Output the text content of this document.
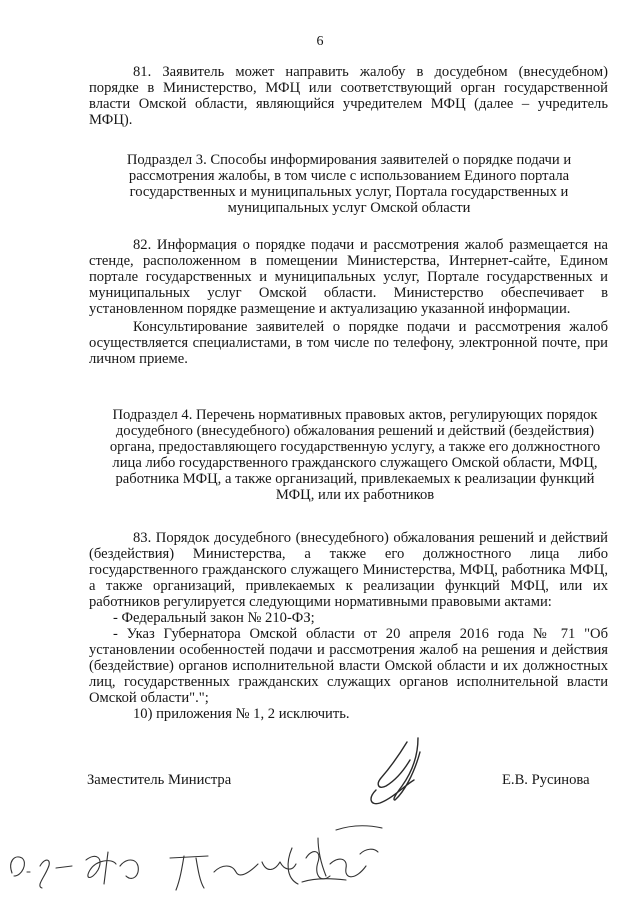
6

81. Заявитель может направить жалобу в досудебном (внесудебном) порядке в Министерство, МФЦ или соответствующий орган государственной власти Омской области, являющийся учредителем МФЦ (далее – учредитель МФЦ).

Подраздел 3. Способы информирования заявителей о порядке подачи и рассмотрения жалобы, в том числе с использованием Единого портала государственных и муниципальных услуг, Портала государственных и муниципальных услуг Омской области

82. Информация о порядке подачи и рассмотрения жалоб размещается на стенде, расположенном в помещении Министерства, Интернет-сайте, Едином портале государственных и муниципальных услуг, Портале государственных и муниципальных услуг Омской области. Министерство обеспечивает в установленном порядке размещение и актуализацию указанной информации.

Консультирование заявителей о порядке подачи и рассмотрения жалоб осуществляется специалистами, в том числе по телефону, электронной почте, при личном приеме.

Подраздел 4. Перечень нормативных правовых актов, регулирующих порядок досудебного (внесудебного) обжалования решений и действий (бездействия) органа, предоставляющего государственную услугу, а также его должностного лица либо государственного гражданского служащего Омской области, МФЦ, работника МФЦ, а также организаций, привлекаемых к реализации функций МФЦ, или их работников

83. Порядок досудебного (внесудебного) обжалования решений и действий (бездействия) Министерства, а также его должностного лица либо государственного гражданского служащего Министерства, МФЦ, работника МФЦ, а также организаций, привлекаемых к реализации функций МФЦ, или их работников регулируется следующими нормативными правовыми актами:

- Федеральный закон № 210-ФЗ;

- Указ Губернатора Омской области от 20 апреля 2016 года № 71 "Об установлении особенностей подачи и рассмотрения жалоб на решения и действия (бездействие) органов исполнительной власти Омской области и их должностных лиц, государственных гражданских служащих органов исполнительной власти Омской области".";

10) приложения № 1, 2 исключить.

Заместитель Министра	Е.В. Русинова
